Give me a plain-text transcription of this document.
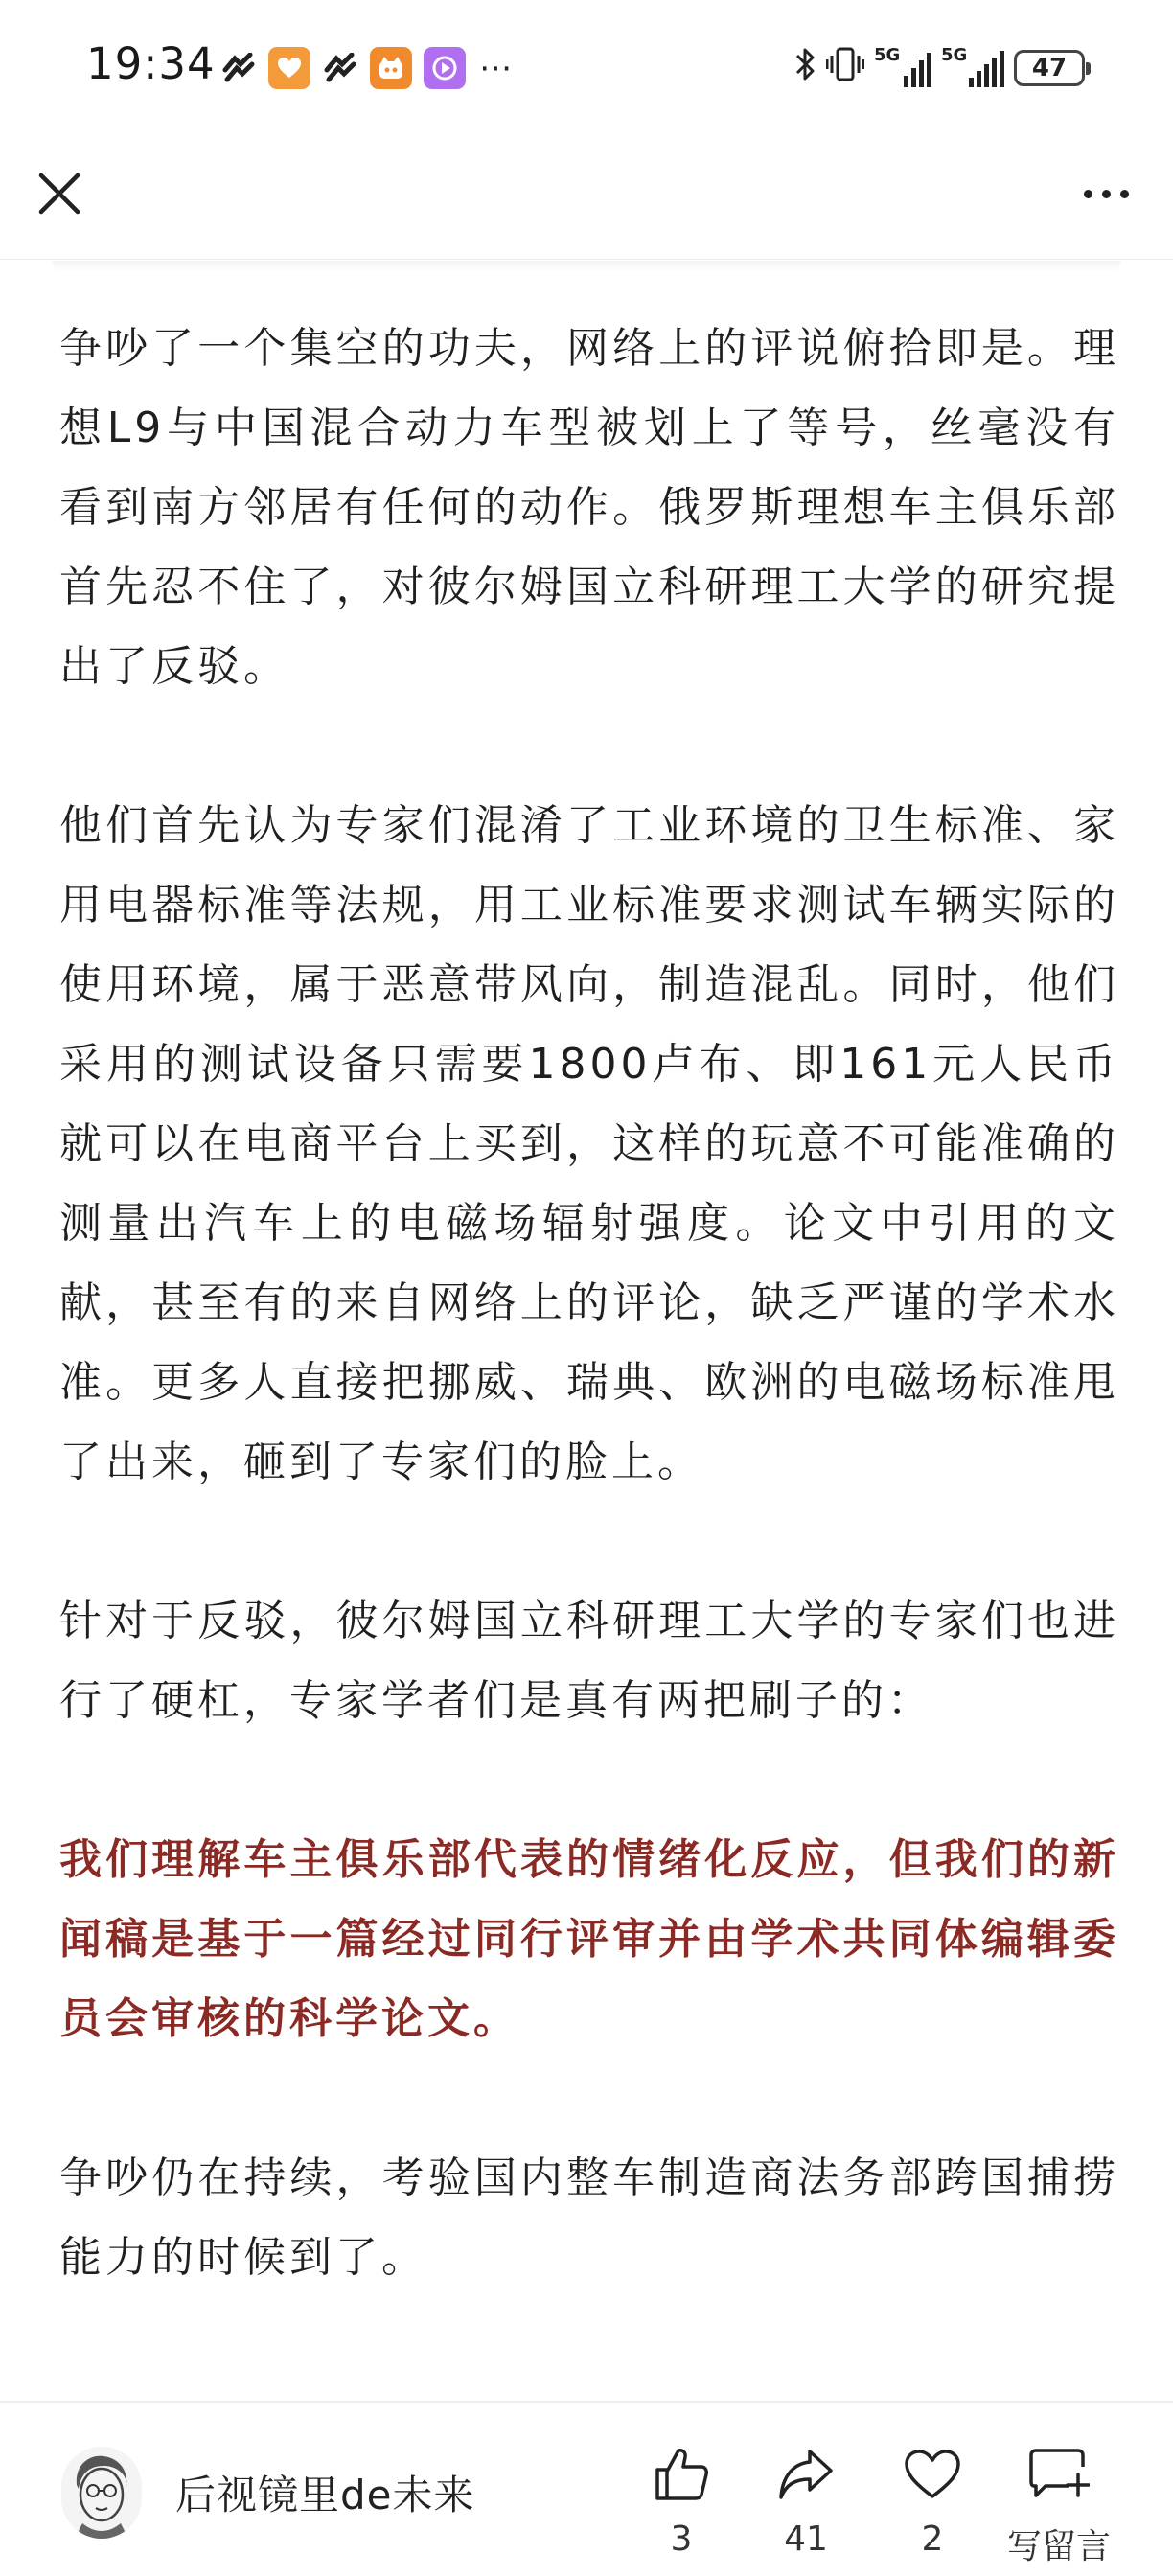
19:34	⋯	5G 5G	47

争吵了一个集空的功夫，网络上的评说俯拾即是。理想L9与中国混合动力车型被划上了等号，丝毫没有看到南方邻居有任何的动作。俄罗斯理想车主俱乐部首先忍不住了，对彼尔姆国立科研理工大学的研究提出了反驳。

他们首先认为专家们混淆了工业环境的卫生标准、家用电器标准等法规，用工业标准要求测试车辆实际的使用环境，属于恶意带风向，制造混乱。同时，他们采用的测试设备只需要1800卢布、即161元人民币就可以在电商平台上买到，这样的玩意不可能准确的测量出汽车上的电磁场辐射强度。论文中引用的文献，甚至有的来自网络上的评论，缺乏严谨的学术水准。更多人直接把挪威、瑞典、欧洲的电磁场标准甩了出来，砸到了专家们的脸上。

针对于反驳，彼尔姆国立科研理工大学的专家们也进行了硬杠，专家学者们是真有两把刷子的：

我们理解车主俱乐部代表的情绪化反应，但我们的新闻稿是基于一篇经过同行评审并由学术共同体编辑委员会审核的科学论文。

争吵仍在持续，考验国内整车制造商法务部跨国捕捞能力的时候到了。

后视镜里de未来
3	41	2 写留言
